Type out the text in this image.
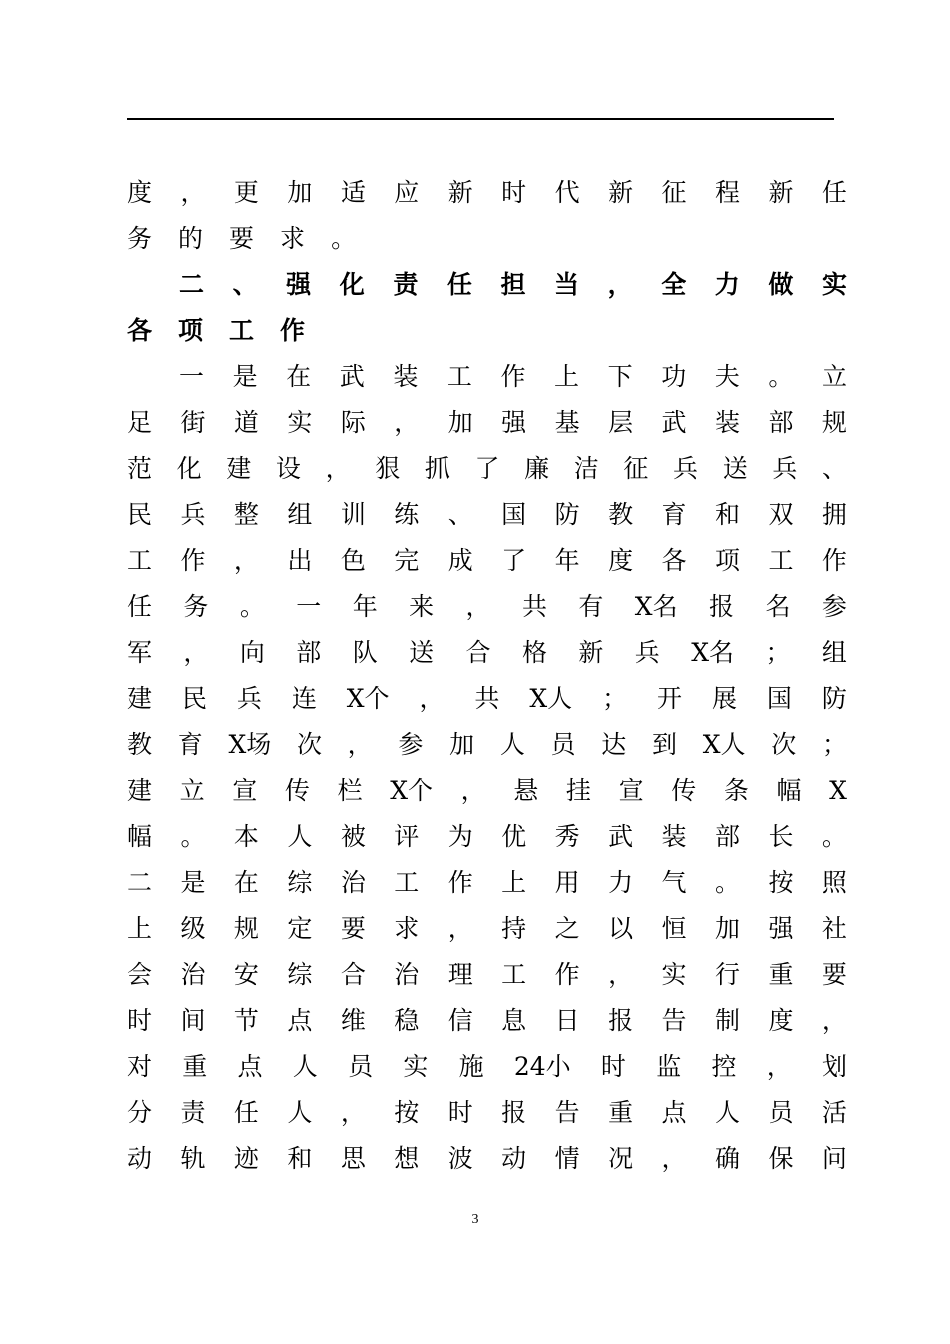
度 ， 更 加 适 应 新 时 代 新 征 程 新 任
务 的 要 求 。
二 、 强 化 责 任 担 当 ， 全 力 做 实
各 项 工 作
一 是 在 武 装 工 作 上 下 功 夫 。 立
足 街 道 实 际 ， 加 强 基 层 武 装 部 规
范 化 建 设 ， 狠 抓 了 廉 洁 征 兵 送 兵 、
民 兵 整 组 训 练 、 国 防 教 育 和 双 拥
工 作 ， 出 色 完 成 了 年 度 各 项 工 作
任 务 。 一 年 来 ， 共 有 X名 报 名 参
军 ， 向 部 队 送 合 格 新 兵 X名 ； 组
建 民 兵 连 X个 ， 共 X人 ； 开 展 国 防
教 育 X场 次 ， 参 加 人 员 达 到 X人 次 ；
建 立 宣 传 栏 X个 ， 悬 挂 宣 传 条 幅 X
幅 。 本 人 被 评 为 优 秀 武 装 部 长 。
二 是 在 综 治 工 作 上 用 力 气 。 按 照
上 级 规 定 要 求 ， 持 之 以 恒 加 强 社
会 治 安 综 合 治 理 工 作 ， 实 行 重 要
时 间 节 点 维 稳 信 息 日 报 告 制 度 ，
对 重 点 人 员 实 施 24小 时 监 控 ， 划
分 责 任 人 ， 按 时 报 告 重 点 人 员 活
动 轨 迹 和 思 想 波 动 情 况 ， 确 保 问
3
